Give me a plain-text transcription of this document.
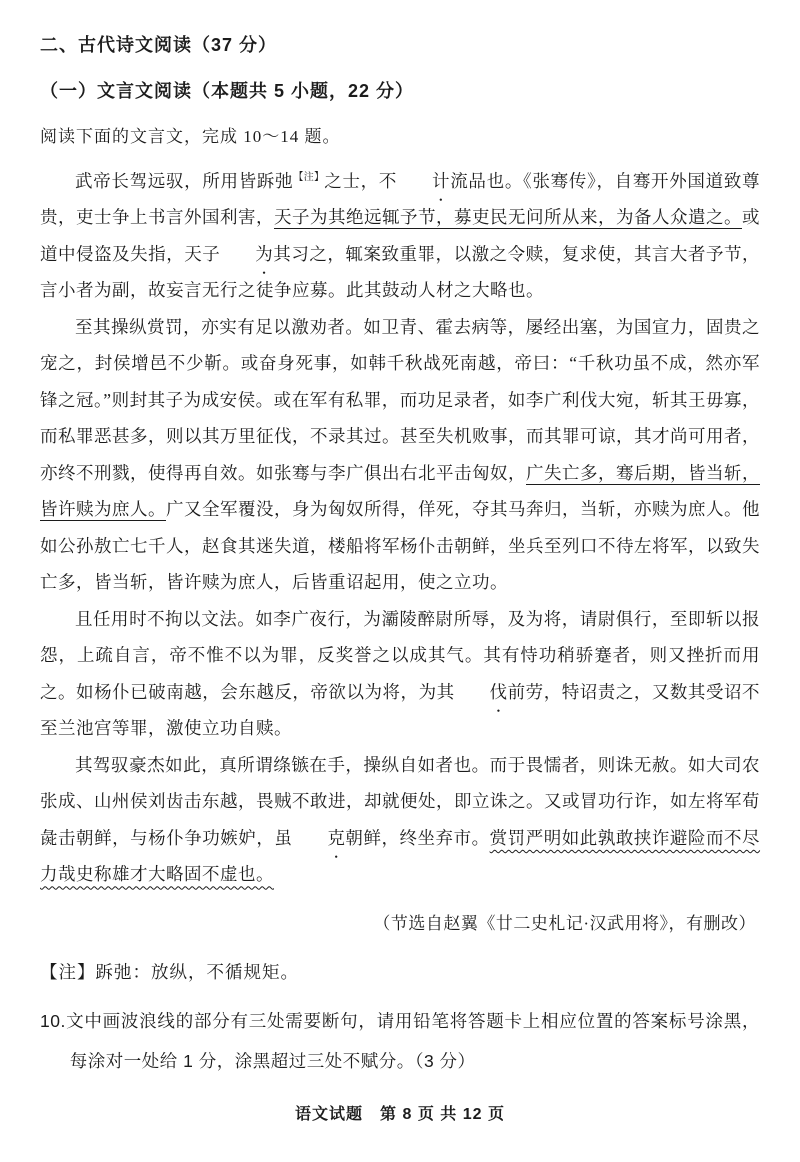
二、古代诗文阅读（37 分）
（一）文言文阅读（本题共 5 小题，22 分）
阅读下面的文言文，完成 10～14 题。

武帝长驾远驭，所用皆跅弛$^{【注】}$之士，不 计流品也。《张骞传》，自骞开外国道致尊贵，吏士争上书言外国利害，天子为其绝远辄予节，募吏民无问所从来，为备人众遣之。或道中侵盗及失指，天子 为其习之，辄案致重罪，以激之令赎，复求使，其言大者予节，言小者为副，故妄言无行之徒争应募。此其鼓动人材之大略也。

至其操纵赏罚，亦实有足以激劝者。如卫青、霍去病等，屡经出塞，为国宣力，固贵之宠之，封侯增邑不少靳。或奋身死事，如韩千秋战死南越，帝曰：“千秋功虽不成，然亦军锋之冠。”则封其子为成安侯。或在军有私罪，而功足录者，如李广利伐大宛，斩其王毋寡，而私罪恶甚多，则以其万里征伐，不录其过。甚至失机败事，而其罪可谅，其才尚可用者，亦终不刑戮，使得再自效。如张骞与李广俱出右北平击匈奴，广失亡多，骞后期，皆当斩，皆许赎为庶人。广又全军覆没，身为匈奴所得，佯死，夺其马奔归，当斩，亦赎为庶人。他如公孙敖亡七千人，赵食其迷失道，楼船将军杨仆击朝鲜，坐兵至列口不待左将军，以致失亡多，皆当斩，皆许赎为庶人，后皆重诏起用，使之立功。

且任用时不拘以文法。如李广夜行，为灞陵醉尉所辱，及为将，请尉俱行，至即斩以报怨，上疏自言，帝不惟不以为罪，反奖誉之以成其气。其有恃功稍骄蹇者，则又挫折而用之。如杨仆已破南越，会东越反，帝欲以为将，为其 伐前劳，特诏责之，又数其受诏不至兰池宫等罪，激使立功自赎。

其驾驭豪杰如此，真所谓绦镞在手，操纵自如者也。而于畏懦者，则诛无赦。如大司农张成、山州侯刘齿击东越，畏贼不敢进，却就便处，即立诛之。又或冒功行诈，如左将军荀彘击朝鲜，与杨仆争功嫉妒，虽 克朝鲜，终坐弃市。赏罚严明如此孰敢挟诈避险而不尽力哉史称雄才大略固不虚也。

（节选自赵翼《廿二史札记·汉武用将》，有删改）
【注】跅弛：放纵，不循规矩。
10.文中画波浪线的部分有三处需要断句，请用铅笔将答题卡上相应位置的答案标号涂黑，每涂对一处给 1 分，涂黑超过三处不赋分。（3 分）
语文试题　第 8 页 共 12 页
